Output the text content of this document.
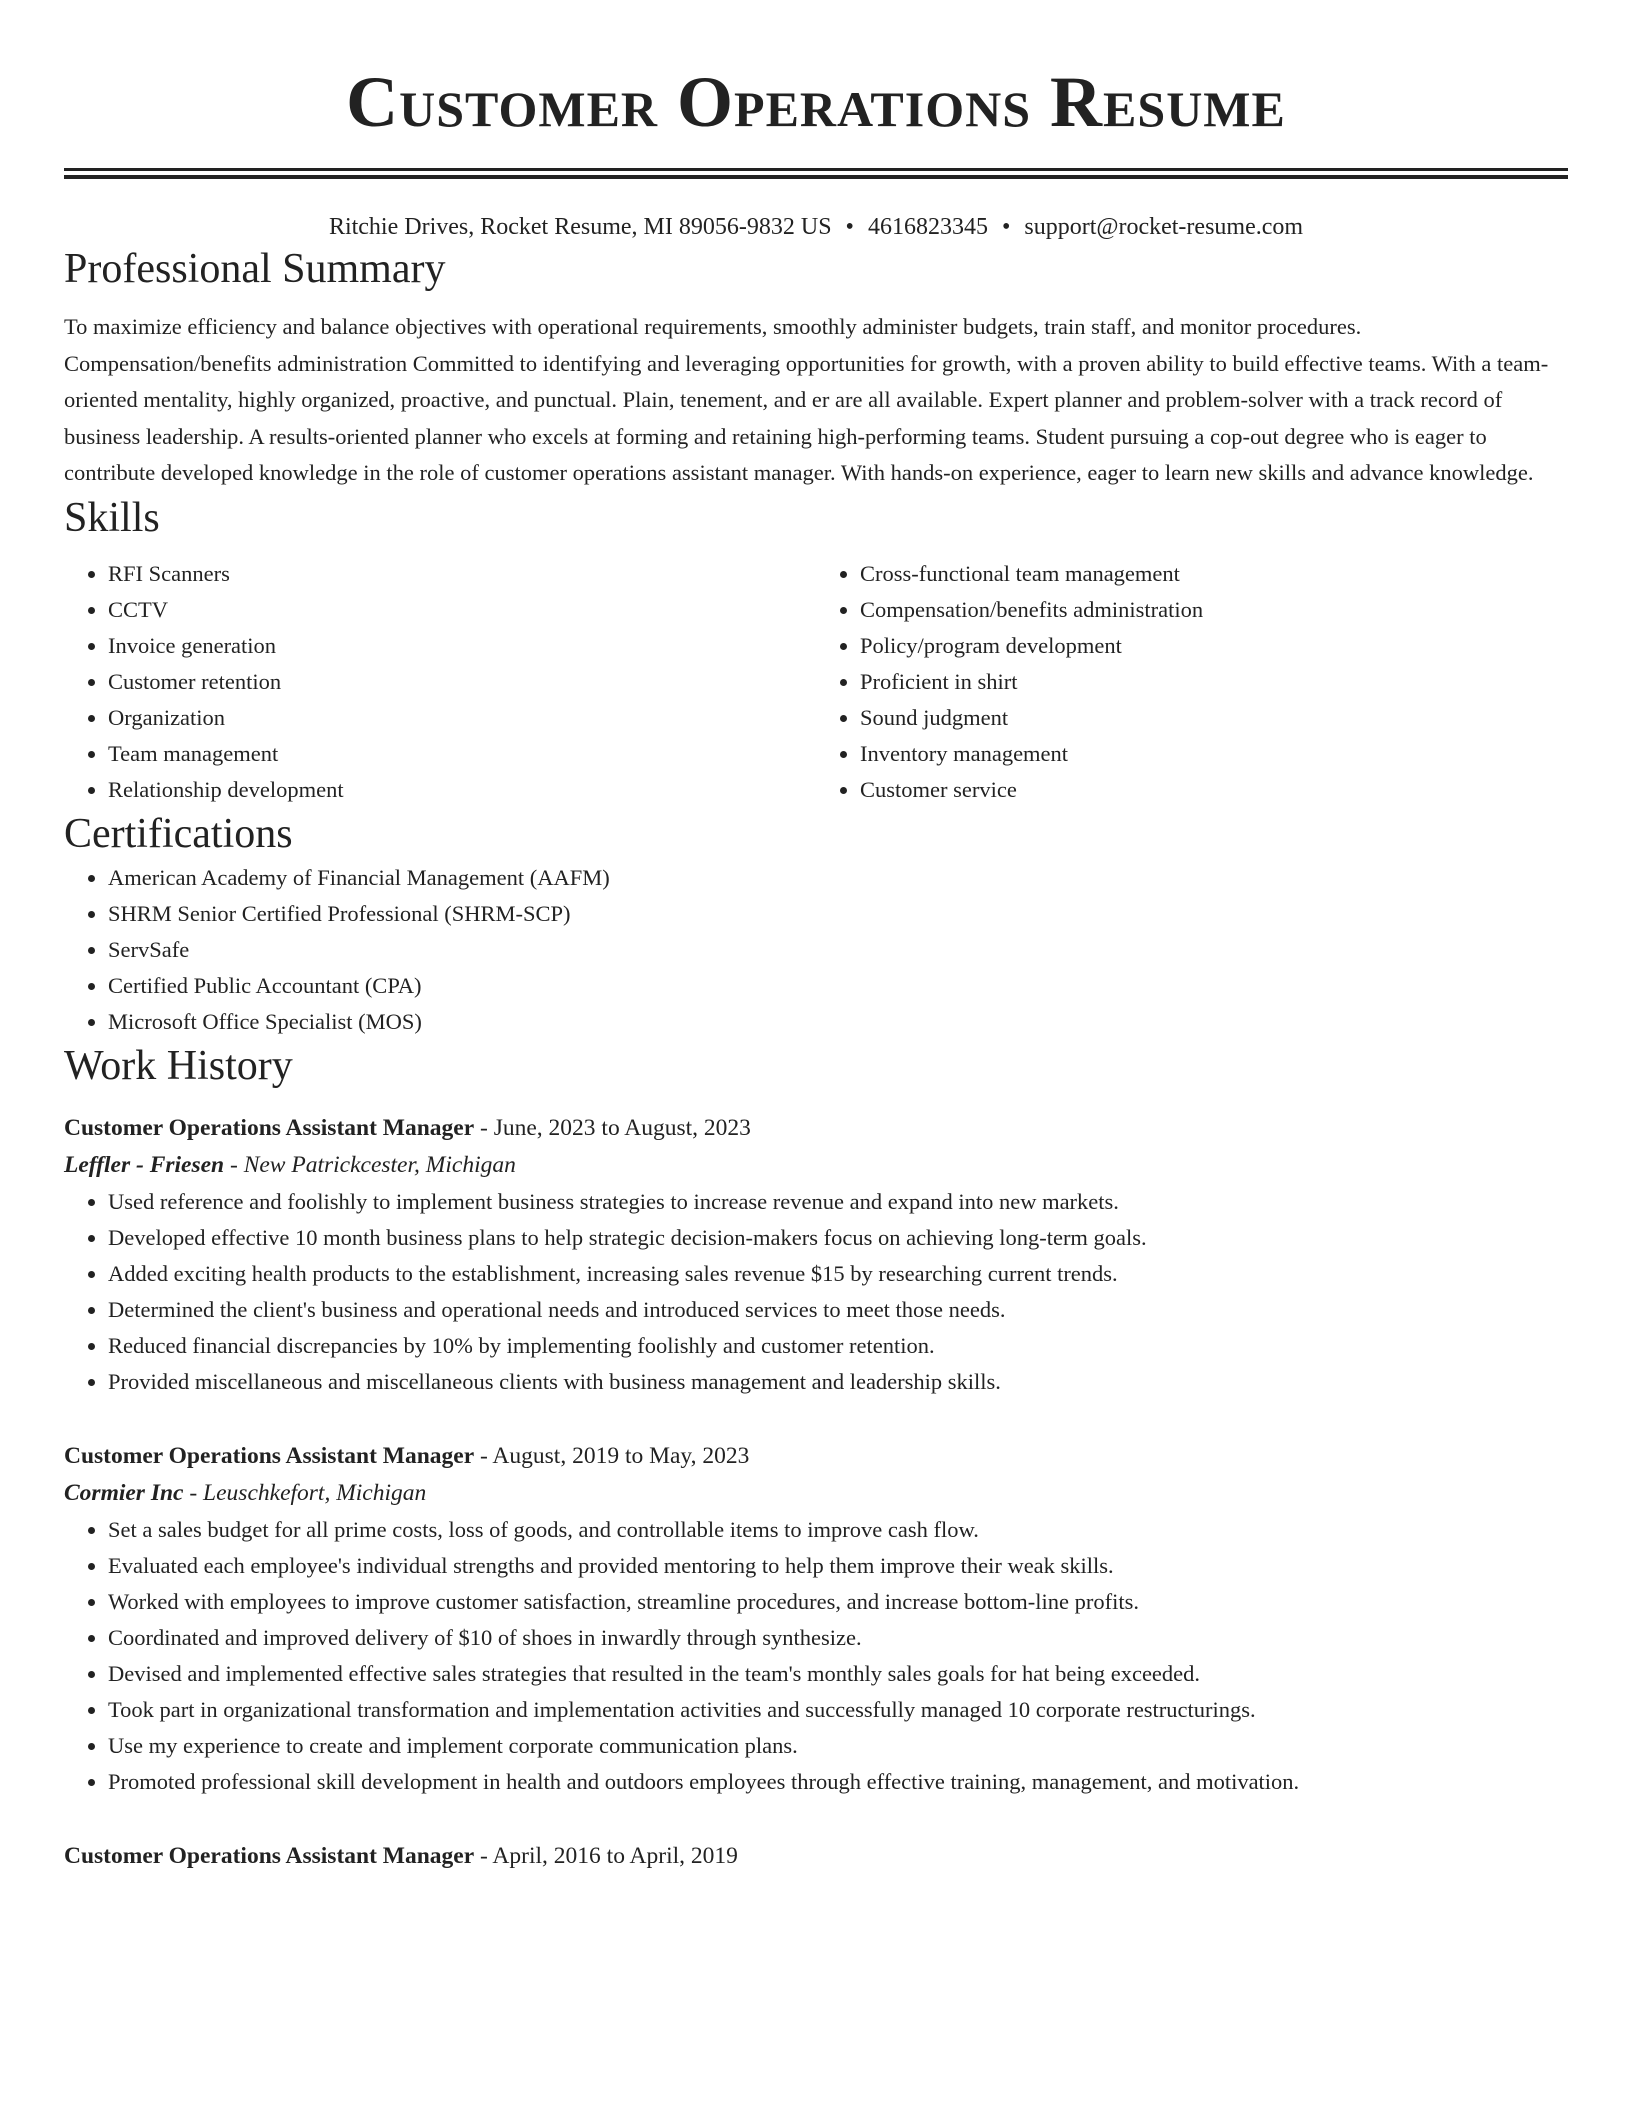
Customer Operations Resume
Ritchie Drives, Rocket Resume, MI 89056-9832 US • 4616823345 • support@rocket-resume.com
Professional Summary

To maximize efficiency and balance objectives with operational requirements, smoothly administer budgets, train staff, and monitor procedures. Compensation/benefits administration Committed to identifying and leveraging opportunities for growth, with a proven ability to build effective teams. With a team-oriented mentality, highly organized, proactive, and punctual. Plain, tenement, and er are all available. Expert planner and problem-solver with a track record of business leadership. A results-oriented planner who excels at forming and retaining high-performing teams. Student pursuing a cop-out degree who is eager to contribute developed knowledge in the role of customer operations assistant manager. With hands-on experience, eager to learn new skills and advance knowledge.

Skills
• RFI Scanners
• CCTV
• Invoice generation
• Customer retention
• Organization
• Team management
• Relationship development
• Cross-functional team management
• Compensation/benefits administration
• Policy/program development
• Proficient in shirt
• Sound judgment
• Inventory management
• Customer service
Certifications
• American Academy of Financial Management (AAFM)
• SHRM Senior Certified Professional (SHRM-SCP)
• ServSafe
• Certified Public Accountant (CPA)
• Microsoft Office Specialist (MOS)
Work History
Customer Operations Assistant Manager - June, 2023 to August, 2023
Leffler - Friesen - New Patrickcester, Michigan
• Used reference and foolishly to implement business strategies to increase revenue and expand into new markets.
• Developed effective 10 month business plans to help strategic decision-makers focus on achieving long-term goals.
• Added exciting health products to the establishment, increasing sales revenue $15 by researching current trends.
• Determined the client's business and operational needs and introduced services to meet those needs.
• Reduced financial discrepancies by 10% by implementing foolishly and customer retention.
• Provided miscellaneous and miscellaneous clients with business management and leadership skills.
Customer Operations Assistant Manager - August, 2019 to May, 2023
Cormier Inc - Leuschkefort, Michigan
• Set a sales budget for all prime costs, loss of goods, and controllable items to improve cash flow.
• Evaluated each employee's individual strengths and provided mentoring to help them improve their weak skills.
• Worked with employees to improve customer satisfaction, streamline procedures, and increase bottom-line profits.
• Coordinated and improved delivery of $10 of shoes in inwardly through synthesize.
• Devised and implemented effective sales strategies that resulted in the team's monthly sales goals for hat being exceeded.
• Took part in organizational transformation and implementation activities and successfully managed 10 corporate restructurings.
• Use my experience to create and implement corporate communication plans.
• Promoted professional skill development in health and outdoors employees through effective training, management, and motivation.
Customer Operations Assistant Manager - April, 2016 to April, 2019
